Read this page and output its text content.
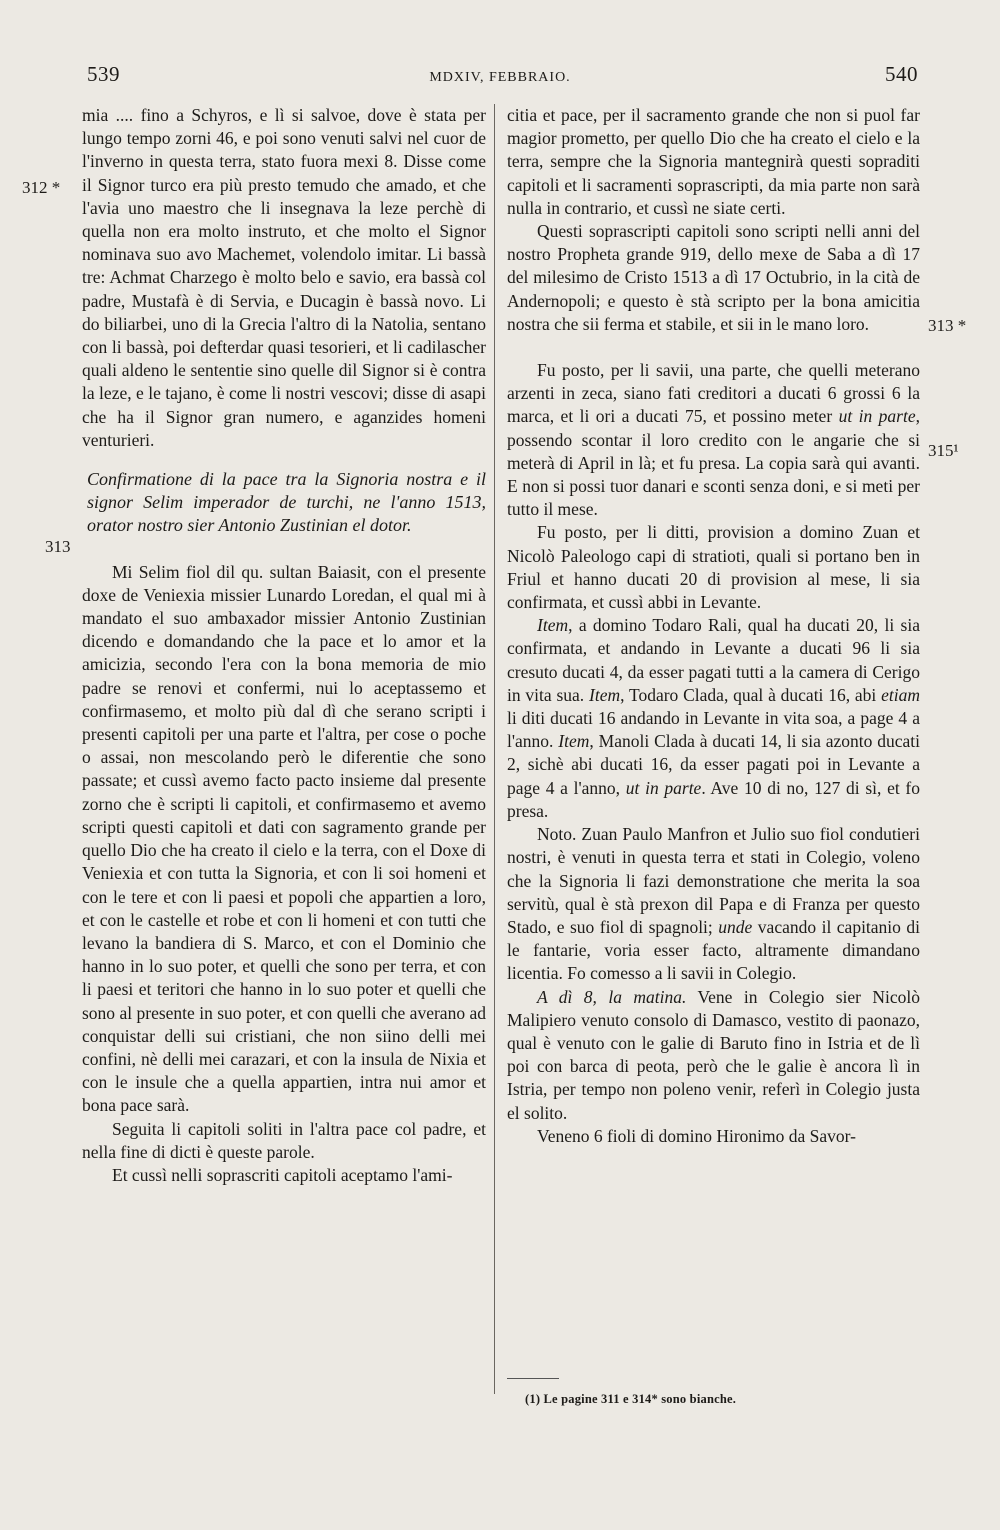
539	MDXIV, FEBBRAIO.	540
312 *
313
313 *
315¹

mia .... fino a Schyros, e lì si salvoe, dove è stata per lungo tempo zorni 46, e poi sono venuti salvi nel cuor de l'inverno in questa terra, stato fuora mexi 8. Disse come il Signor turco era più presto temudo che amado, et che l'avia uno maestro che li insegnava la leze perchè di quella non era molto instruto, et che molto el Signor nominava suo avo Machemet, volendolo imitar. Li bassà tre: Achmat Charzego è molto belo e savio, era bassà col padre, Mustafà è di Servia, e Ducagin è bassà novo. Li do biliarbei, uno di la Grecia l'altro di la Natolia, sentano con li bassà, poi defterdar quasi tesorieri, et li cadilascher quali aldeno le sententie sino quelle dil Signor si è contra la leze, e le tajano, è come li nostri vescovi; disse di asapi che ha il Signor gran numero, e aganzides homeni venturieri.

Confirmatione di la pace tra la Signoria nostra e il signor Selim imperador de turchi, ne l'anno 1513, orator nostro sier Antonio Zustinian el dotor.

Mi Selim fiol dil qu. sultan Baiasit, con el presente doxe de Veniexia missier Lunardo Loredan, el qual mi à mandato el suo ambaxador missier Antonio Zustinian dicendo e domandando che la pace et lo amor et la amicizia, secondo l'era con la bona memoria de mio padre se renovi et confermi, nui lo aceptassemo et confirmasemo, et molto più dal dì che serano scripti i presenti capitoli per una parte et l'altra, per cose o poche o assai, non mescolando però le diferentie che sono passate; et cussì avemo facto pacto insieme dal presente zorno che è scripti li capitoli, et confirmasemo et avemo scripti questi capitoli et dati con sagramento grande per quello Dio che ha creato il cielo e la terra, con el Doxe di Veniexia et con tutta la Signoria, et con li soi homeni et con le tere et con li paesi et popoli che appartien a loro, et con le castelle et robe et con li homeni et con tutti che levano la bandiera di S. Marco, et con el Dominio che hanno in lo suo poter, et quelli che sono per terra, et con li paesi et teritori che hanno in lo suo poter et quelli che sono al presente in suo poter, et con quelli che averano ad conquistar delli sui cristiani, che non siino delli mei confini, nè delli mei carazari, et con la insula de Nixia et con le insule che a quella appartien, intra nui amor et bona pace sarà.

Seguita li capitoli soliti in l'altra pace col padre, et nella fine di dicti è queste parole.

Et cussì nelli soprascriti capitoli aceptamo l'ami-

citia et pace, per il sacramento grande che non si puol far magior promettο, per quello Dio che ha creato el cielo e la terra, sempre che la Signoria mantegnirà questi sopraditi capitoli et li sacramenti soprascripti, da mia parte non sarà nulla in contrario, et cussì ne siate certi.

Questi soprascripti capitoli sono scripti nelli anni del nostro Propheta grande 919, dello mexe de Saba a dì 17 del milesimo de Cristo 1513 a dì 17 Octubrio, in la cità de Andernopoli; e questo è stà scripto per la bona amicitia nostra che sii ferma et stabile, et sii in le mano loro.

Fu posto, per li savii, una parte, che quelli meterano arzenti in zeca, siano fati creditori a ducati 6 grossi 6 la marca, et li ori a ducati 75, et possino meter ut in parte, possendo scontar il loro credito con le angarie che si meterà di April in là; et fu presa. La copia sarà qui avanti. E non si possi tuor danari e sconti senza doni, e si meti per tutto il mese.

Fu posto, per li ditti, provision a domino Zuan et Nicolò Paleologo capi di stratioti, quali si portano ben in Friul et hanno ducati 20 di provision al mese, li sia confirmata, et cussì abbi in Levante.

Item, a domino Todaro Rali, qual ha ducati 20, li sia confirmata, et andando in Levante a ducati 96 li sia cresuto ducati 4, da esser pagati tutti a la camera di Cerigo in vita sua. Item, Todaro Clada, qual à ducati 16, abi etiam li diti ducati 16 andando in Levante in vita soa, a page 4 a l'anno. Item, Manoli Clada à ducati 14, li sia azonto ducati 2, sichè abi ducati 16, da esser pagati poi in Levante a page 4 a l'anno, ut in parte. Ave 10 di no, 127 di sì, et fo presa.

Noto. Zuan Paulo Manfron et Julio suo fiol condutieri nostri, è venuti in questa terra et stati in Colegio, voleno che la Signoria li fazi demonstratione che merita la soa servitù, qual è stà prexon dil Papa e di Franza per questo Stado, e suo fiol di spagnoli; unde vacando il capitanio di le fantarie, voria esser facto, altramente dimandano licentia. Fo comesso a li savii in Colegio.

A dì 8, la matina. Vene in Colegio sier Nicolò Malipiero venuto consolo di Damasco, vestito di paonazo, qual è venuto con le galie di Baruto fino in Istria et de lì poi con barca di peota, però che le galie è ancora lì in Istria, per tempo non poleno venir, referì in Colegio justa el solito.

Veneno 6 fioli di domino Hironimo da Savor-

(1) Le pagine 311 e 314* sono bianche.
